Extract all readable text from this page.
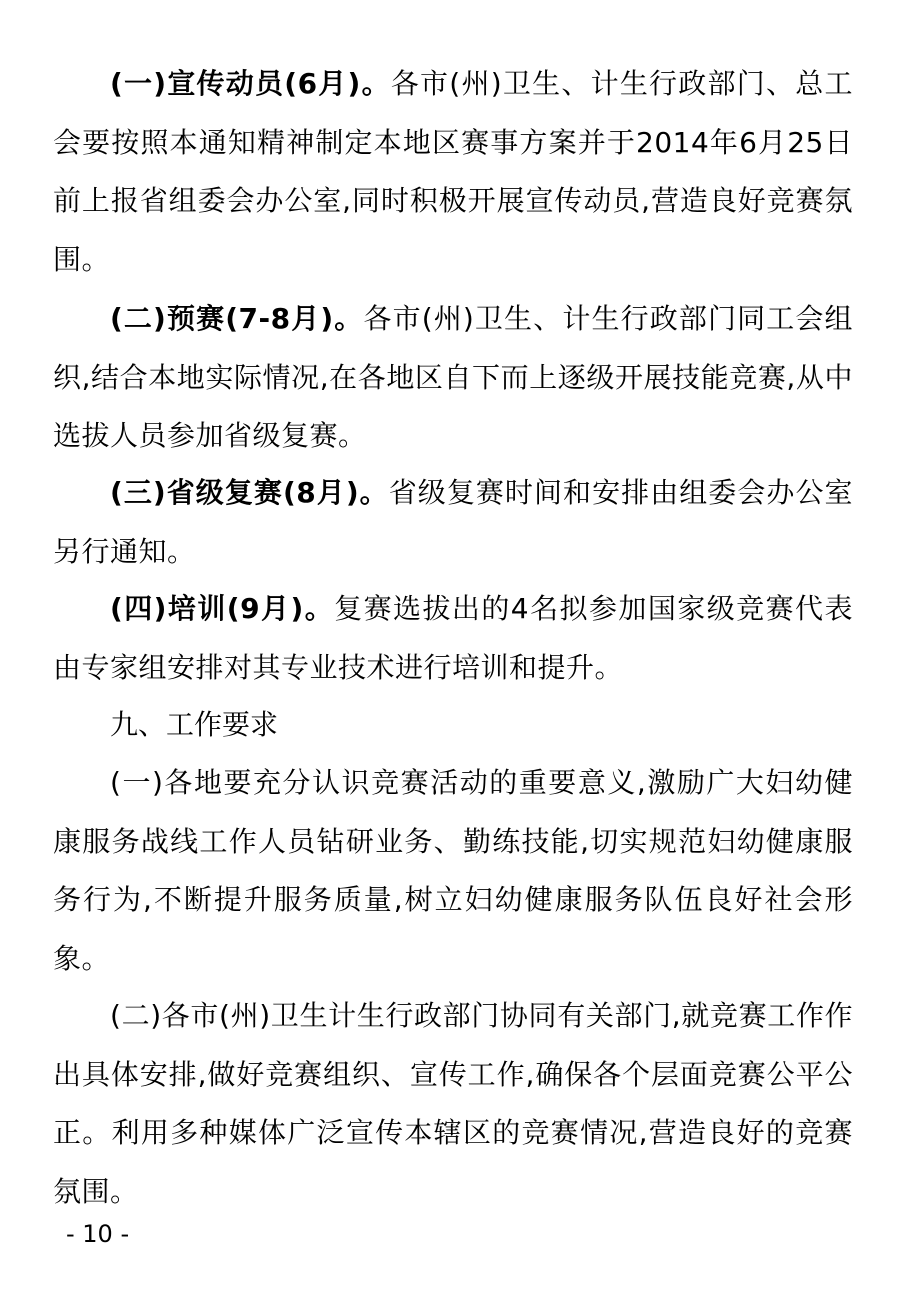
(一)宣传动员(6月)。各市(州)卫生、计生行政部门、总工会要按照本通知精神制定本地区赛事方案并于2014年6月25日前上报省组委会办公室,同时积极开展宣传动员,营造良好竞赛氛围。

(二)预赛(7-8月)。各市(州)卫生、计生行政部门同工会组织,结合本地实际情况,在各地区自下而上逐级开展技能竞赛,从中选拔人员参加省级复赛。

(三)省级复赛(8月)。省级复赛时间和安排由组委会办公室另行通知。

(四)培训(9月)。复赛选拔出的4名拟参加国家级竞赛代表由专家组安排对其专业技术进行培训和提升。

九、工作要求

(一)各地要充分认识竞赛活动的重要意义,激励广大妇幼健康服务战线工作人员钻研业务、勤练技能,切实规范妇幼健康服务行为,不断提升服务质量,树立妇幼健康服务队伍良好社会形象。

(二)各市(州)卫生计生行政部门协同有关部门,就竞赛工作作出具体安排,做好竞赛组织、宣传工作,确保各个层面竞赛公平公正。利用多种媒体广泛宣传本辖区的竞赛情况,营造良好的竞赛氛围。

- 10 -
